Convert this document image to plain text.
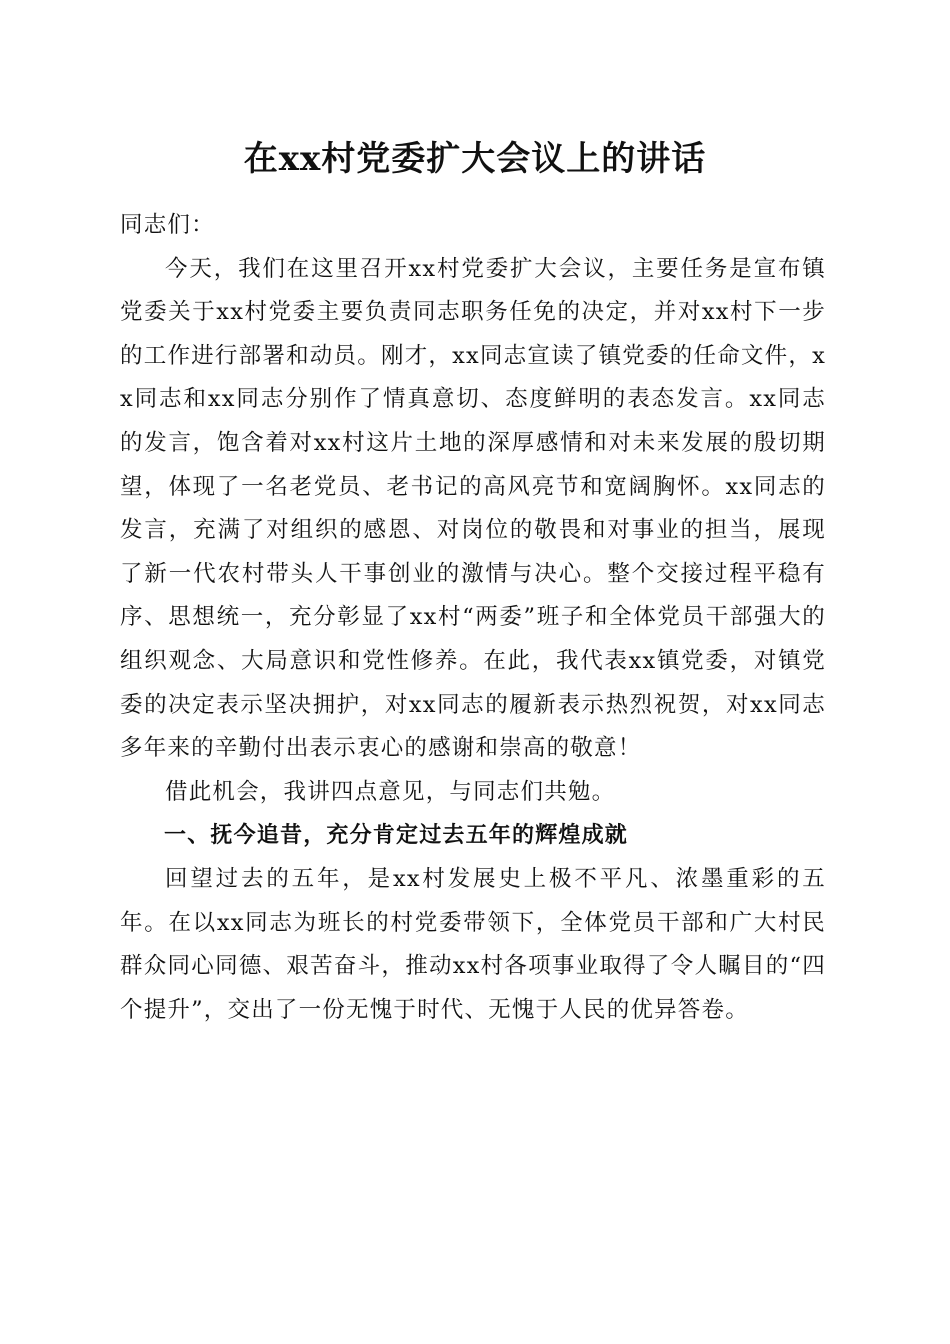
在xx村党委扩大会议上的讲话

同志们：

今天，我们在这里召开xx村党委扩大会议，主要任务是宣布镇党委关于xx村党委主要负责同志职务任免的决定，并对xx村下一步的工作进行部署和动员。刚才，xx同志宣读了镇党委的任命文件，xx同志和xx同志分别作了情真意切、态度鲜明的表态发言。xx同志的发言，饱含着对xx村这片土地的深厚感情和对未来发展的殷切期望，体现了一名老党员、老书记的高风亮节和宽阔胸怀。xx同志的发言，充满了对组织的感恩、对岗位的敬畏和对事业的担当，展现了新一代农村带头人干事创业的激情与决心。整个交接过程平稳有序、思想统一，充分彰显了xx村“两委”班子和全体党员干部强大的组织观念、大局意识和党性修养。在此，我代表xx镇党委，对镇党委的决定表示坚决拥护，对xx同志的履新表示热烈祝贺，对xx同志多年来的辛勤付出表示衷心的感谢和崇高的敬意！

借此机会，我讲四点意见，与同志们共勉。

一、抚今追昔，充分肯定过去五年的辉煌成就

回望过去的五年，是xx村发展史上极不平凡、浓墨重彩的五年。在以xx同志为班长的村党委带领下，全体党员干部和广大村民群众同心同德、艰苦奋斗，推动xx村各项事业取得了令人瞩目的“四个提升”，交出了一份无愧于时代、无愧于人民的优异答卷。
